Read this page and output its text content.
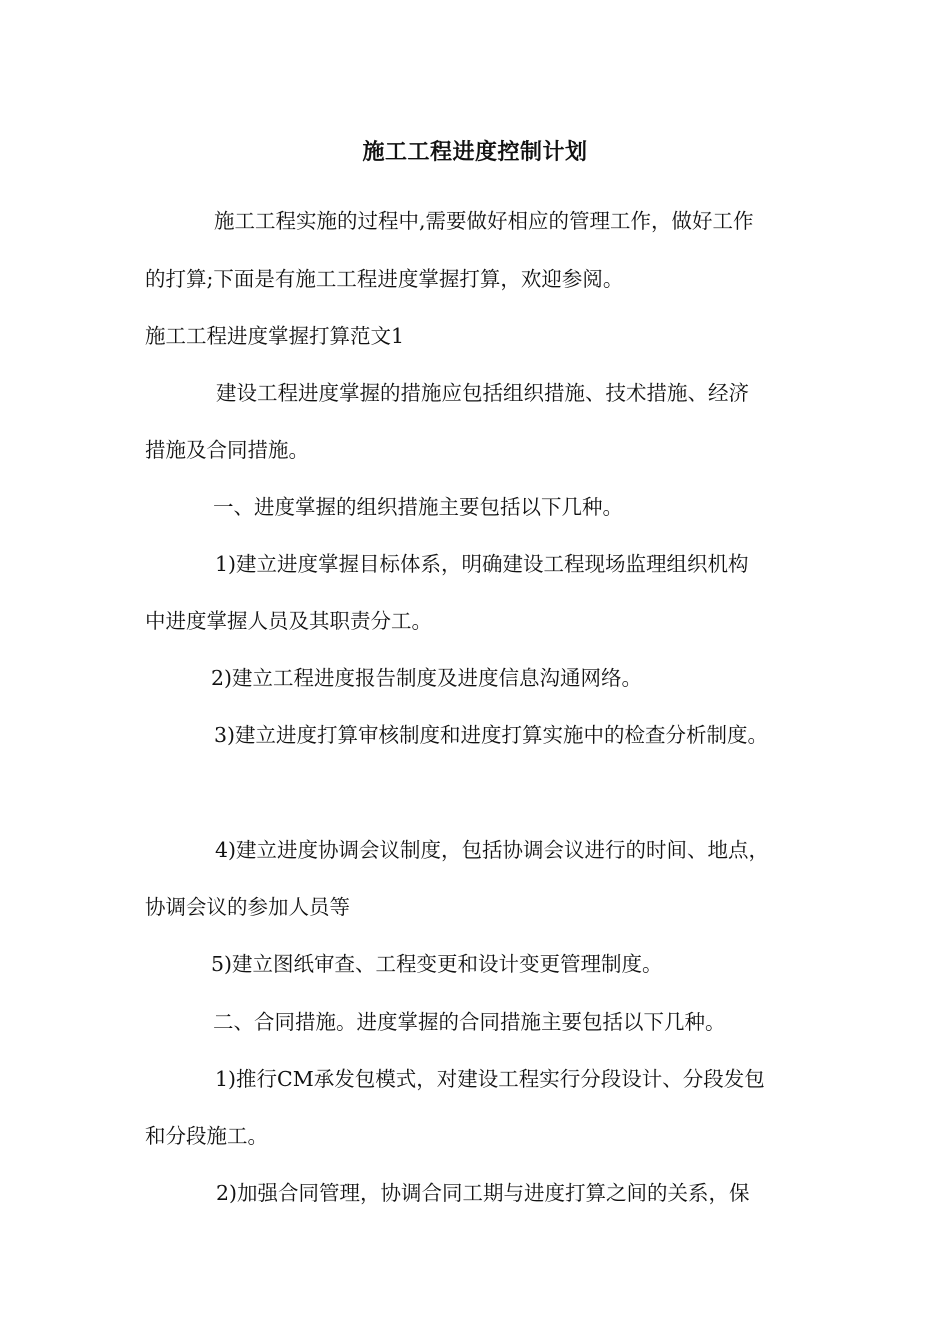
施工工程进度控制计划
施工工程实施的过程中,需要做好相应的管理工作，做好工作
的打算;下面是有施工工程进度掌握打算，欢迎参阅。
施工工程进度掌握打算范文1
建设工程进度掌握的措施应包括组织措施、技术措施、经济
措施及合同措施。
一、进度掌握的组织措施主要包括以下几种。
1)建立进度掌握目标体系，明确建设工程现场监理组织机构
中进度掌握人员及其职责分工。
2)建立工程进度报告制度及进度信息沟通网络。
3)建立进度打算审核制度和进度打算实施中的检查分析制度。
4)建立进度协调会议制度，包括协调会议进行的时间、地点，
协调会议的参加人员等
5)建立图纸审查、工程变更和设计变更管理制度。
二、合同措施。进度掌握的合同措施主要包括以下几种。
1)推行CM承发包模式，对建设工程实行分段设计、分段发包
和分段施工。
2)加强合同管理，协调合同工期与进度打算之间的关系，保
